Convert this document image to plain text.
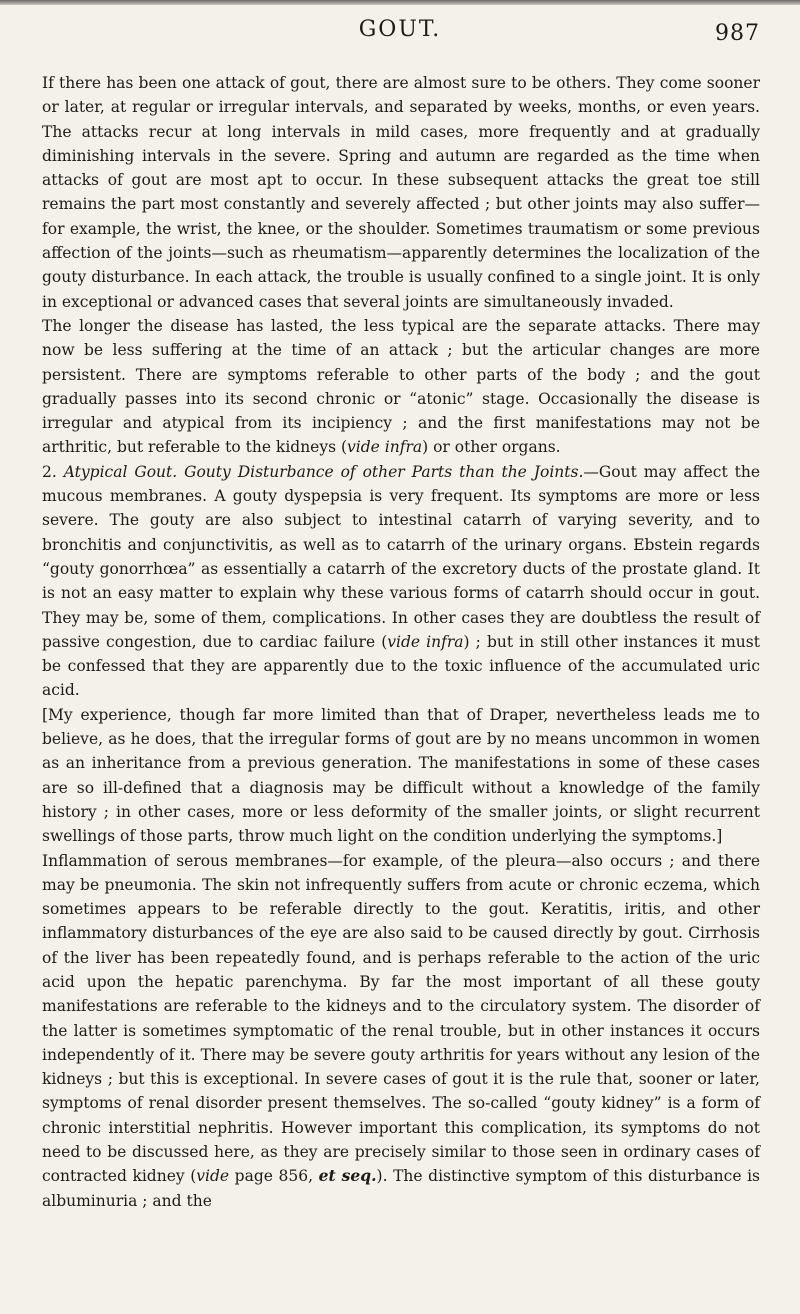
GOUT.	987

If there has been one attack of gout, there are almost sure to be others. They come sooner or later, at regular or irregular intervals, and separated by weeks, months, or even years. The attacks recur at long intervals in mild cases, more frequently and at gradually diminishing intervals in the severe. Spring and autumn are regarded as the time when attacks of gout are most apt to occur. In these subsequent attacks the great toe still remains the part most constantly and severely affected ; but other joints may also suffer—for example, the wrist, the knee, or the shoulder. Sometimes traumatism or some previous affection of the joints—such as rheumatism—apparently determines the localization of the gouty disturbance. In each attack, the trouble is usually confined to a single joint. It is only in exceptional or advanced cases that several joints are simultaneously invaded.

The longer the disease has lasted, the less typical are the separate attacks. There may now be less suffering at the time of an attack ; but the articular changes are more persistent. There are symptoms referable to other parts of the body ; and the gout gradually passes into its second chronic or “atonic” stage. Occasionally the disease is irregular and atypical from its incipiency ; and the first manifestations may not be arthritic, but referable to the kidneys (vide infra) or other organs.

2. Atypical Gout. Gouty Disturbance of other Parts than the Joints.—Gout may affect the mucous membranes. A gouty dyspepsia is very frequent. Its symptoms are more or less severe. The gouty are also subject to intestinal catarrh of varying severity, and to bronchitis and conjunctivitis, as well as to catarrh of the urinary organs. Ebstein regards “gouty gonorrhœa” as essentially a catarrh of the excretory ducts of the prostate gland. It is not an easy matter to explain why these various forms of catarrh should occur in gout. They may be, some of them, complications. In other cases they are doubtless the result of passive congestion, due to cardiac failure (vide infra) ; but in still other instances it must be confessed that they are apparently due to the toxic influence of the accumulated uric acid.

[My experience, though far more limited than that of Draper, nevertheless leads me to believe, as he does, that the irregular forms of gout are by no means uncommon in women as an inheritance from a previous generation. The manifestations in some of these cases are so ill-defined that a diagnosis may be difficult without a knowledge of the family history ; in other cases, more or less deformity of the smaller joints, or slight recurrent swellings of those parts, throw much light on the condition underlying the symptoms.]

Inflammation of serous membranes—for example, of the pleura—also occurs ; and there may be pneumonia. The skin not infrequently suffers from acute or chronic eczema, which sometimes appears to be referable directly to the gout. Keratitis, iritis, and other inflammatory disturbances of the eye are also said to be caused directly by gout. Cirrhosis of the liver has been repeatedly found, and is perhaps referable to the action of the uric acid upon the hepatic parenchyma. By far the most important of all these gouty manifestations are referable to the kidneys and to the circulatory system. The disorder of the latter is sometimes symptomatic of the renal trouble, but in other instances it occurs independently of it. There may be severe gouty arthritis for years without any lesion of the kidneys ; but this is exceptional. In severe cases of gout it is the rule that, sooner or later, symptoms of renal disorder present themselves. The so-called “gouty kidney” is a form of chronic interstitial nephritis. However important this complication, its symptoms do not need to be discussed here, as they are precisely similar to those seen in ordinary cases of contracted kidney (vide page 856, et seq.). The distinctive symptom of this disturbance is albuminuria ; and the
